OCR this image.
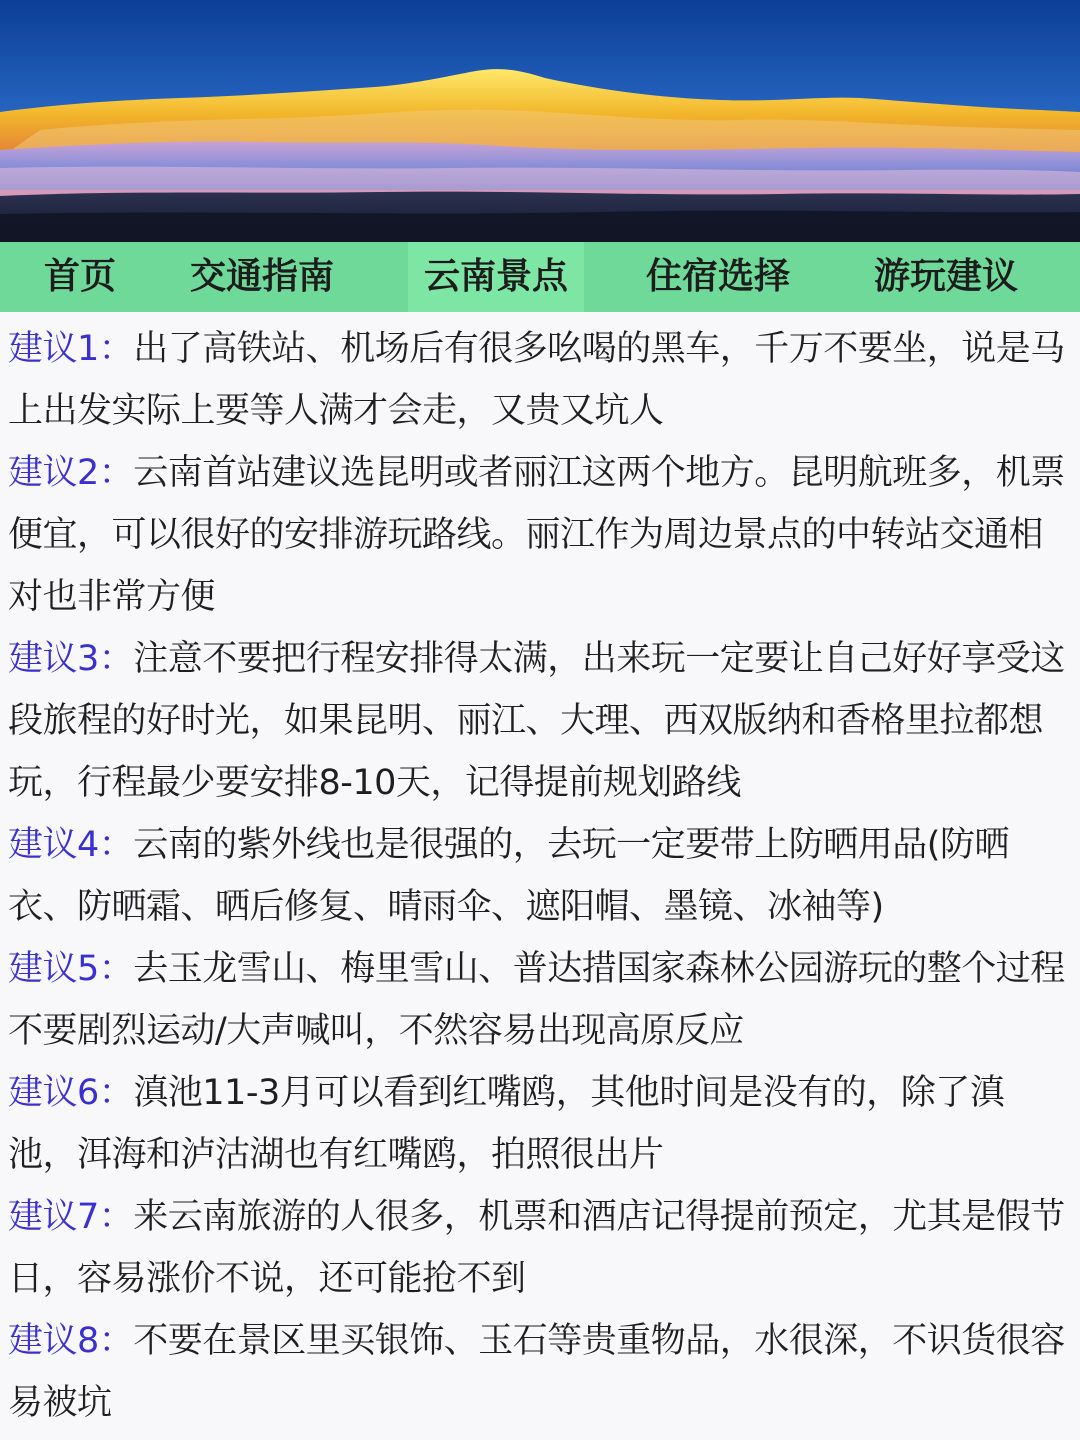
首页 交通指南	云南景点	住宿选择 游玩建议

建议1：出了高铁站、机场后有很多吆喝的黑车，千万不要坐，说是马上出发实际上要等人满才会走，又贵又坑人

建议2：云南首站建议选昆明或者丽江这两个地方。昆明航班多，机票便宜，可以很好的安排游玩路线。丽江作为周边景点的中转站交通相对也非常方便

建议3：注意不要把行程安排得太满，出来玩一定要让自己好好享受这段旅程的好时光，如果昆明、丽江、大理、西双版纳和香格里拉都想玩，行程最少要安排8-10天，记得提前规划路线

建议4：云南的紫外线也是很强的，去玩一定要带上防晒用品(防晒衣、防晒霜、晒后修复、晴雨伞、遮阳帽、墨镜、冰袖等)

建议5：去玉龙雪山、梅里雪山、普达措国家森林公园游玩的整个过程不要剧烈运动/大声喊叫，不然容易出现高原反应

建议6：滇池11-3月可以看到红嘴鸥，其他时间是没有的，除了滇池，洱海和泸沽湖也有红嘴鸥，拍照很出片

建议7：来云南旅游的人很多，机票和酒店记得提前预定，尤其是假节日，容易涨价不说，还可能抢不到

建议8：不要在景区里买银饰、玉石等贵重物品，水很深，不识货很容易被坑
